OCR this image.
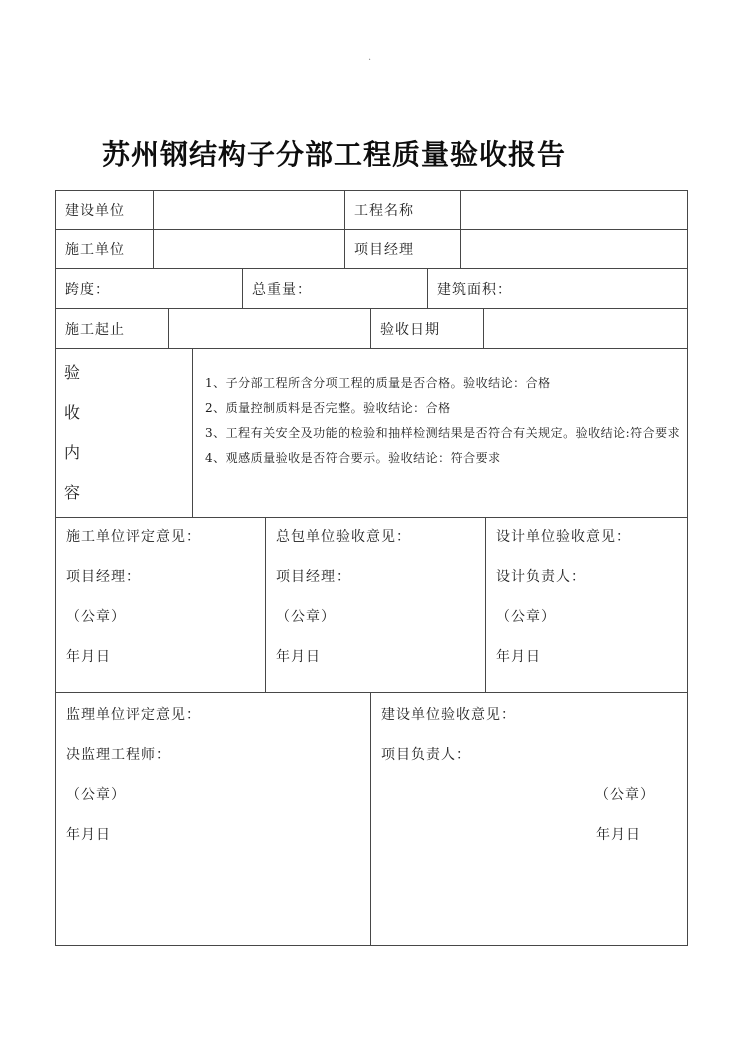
.
苏州钢结构子分部工程质量验收报告
建设单位	工程名称
施工单位	项目经理
跨度：	总重量：	建筑面积：
施工起止	验收日期
验
收
内
容
1、子分部工程所含分项工程的质量是否合格。验收结论：合格
2、质量控制质料是否完整。验收结论：合格
3、工程有关安全及功能的检验和抽样检测结果是否符合有关规定。验收结论:符合要求
4、观感质量验收是否符合要示。验收结论：符合要求

施工单位评定意见：

项目经理：

（公章）

年月日

总包单位验收意见：

项目经理：

（公章）

年月日

设计单位验收意见：

设计负责人：

（公章）

年月日

监理单位评定意见：

决监理工程师：

（公章）

年月日

建设单位验收意见：

项目负责人：

（公章）

年月日
